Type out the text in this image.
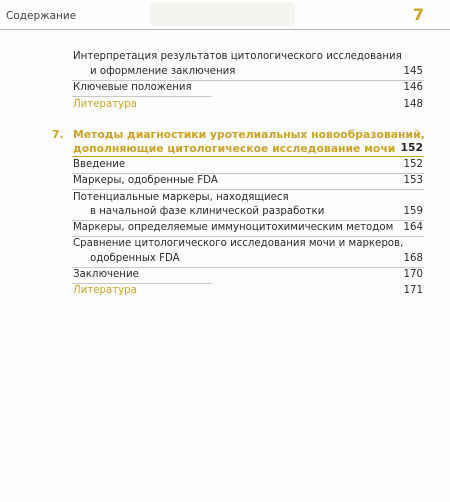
Содержание	7
Интерпретация результатов цитологического исследования
и оформление заключения	145
Ключевые положения	146
Литература	148
7. Методы диагностики уротелиальных новообразований,
дополняющие цитологическое исследование мочи 152
Введение	152
Маркеры, одобренные FDA	153
Потенциальные маркеры, находящиеся
в начальной фазе клинической разработки	159
Маркеры, определяемые иммуноцитохимическим методом 164
Сравнение цитологического исследования мочи и маркеров,
одобренных FDA	168
Заключение	170
Литература	171
